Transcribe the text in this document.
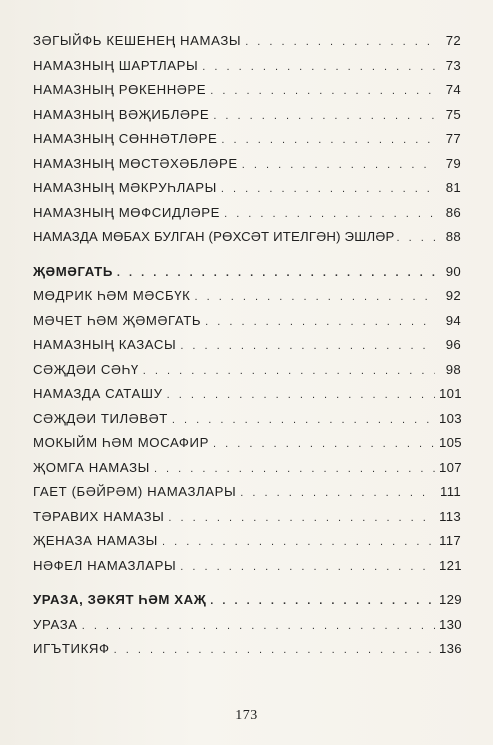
ЗӘГЫЙФЬ КЕШЕНЕҢ НАМАЗЫ . . .	72
НАМАЗНЫҢ ШАРТЛАРЫ . . .	73
НАМАЗНЫҢ РӨКЕННӘРЕ . . .	74
НАМАЗНЫҢ ВӘҖИБЛӘРЕ . . .	75
НАМАЗНЫҢ СӨННӘТЛӘРЕ . . .	77
НАМАЗНЫҢ МӨСТӘХӘБЛӘРЕ . . .	79
НАМАЗНЫҢ МӘКРУҺЛАРЫ . . .	81
НАМАЗНЫҢ МӨФСИДЛӘРЕ . . .	86
НАМАЗДА МӨБАХ БУЛГАН (РӨХСӘТ ИТЕЛГӘН) ЭШЛӘР . . .	88
ҖӘМӘГАТЬ . . .	90
МӨДРИК ҺӘМ МӘСБҮК . . .	92
МӘЧЕТ ҺӘМ ҖӘМӘГАТЬ . . .	94
НАМАЗНЫҢ КАЗАСЫ . . .	96
СӘҖДӘИ СӘҺҮ . . .	98
НАМАЗДА САТАШУ . . .	101
СӘҖДӘИ ТИЛӘВӘТ . . .	103
МОКЫЙМ ҺӘМ МОСАФИР . . .	105
ҖОМГА НАМАЗЫ . . .	107
ГАЕТ (БӘЙРӘМ) НАМАЗЛАРЫ . . .	111
ТӘРАВИХ НАМАЗЫ . . .	113
ҖЕНАЗА НАМАЗЫ . . .	117
НӘФЕЛ НАМАЗЛАРЫ . . .	121
УРАЗА, ЗӘКЯТ ҺӘМ ХАҖ . . .	129
УРАЗА . . .	130
ИГЪТИКЯФ . . .	136
173
